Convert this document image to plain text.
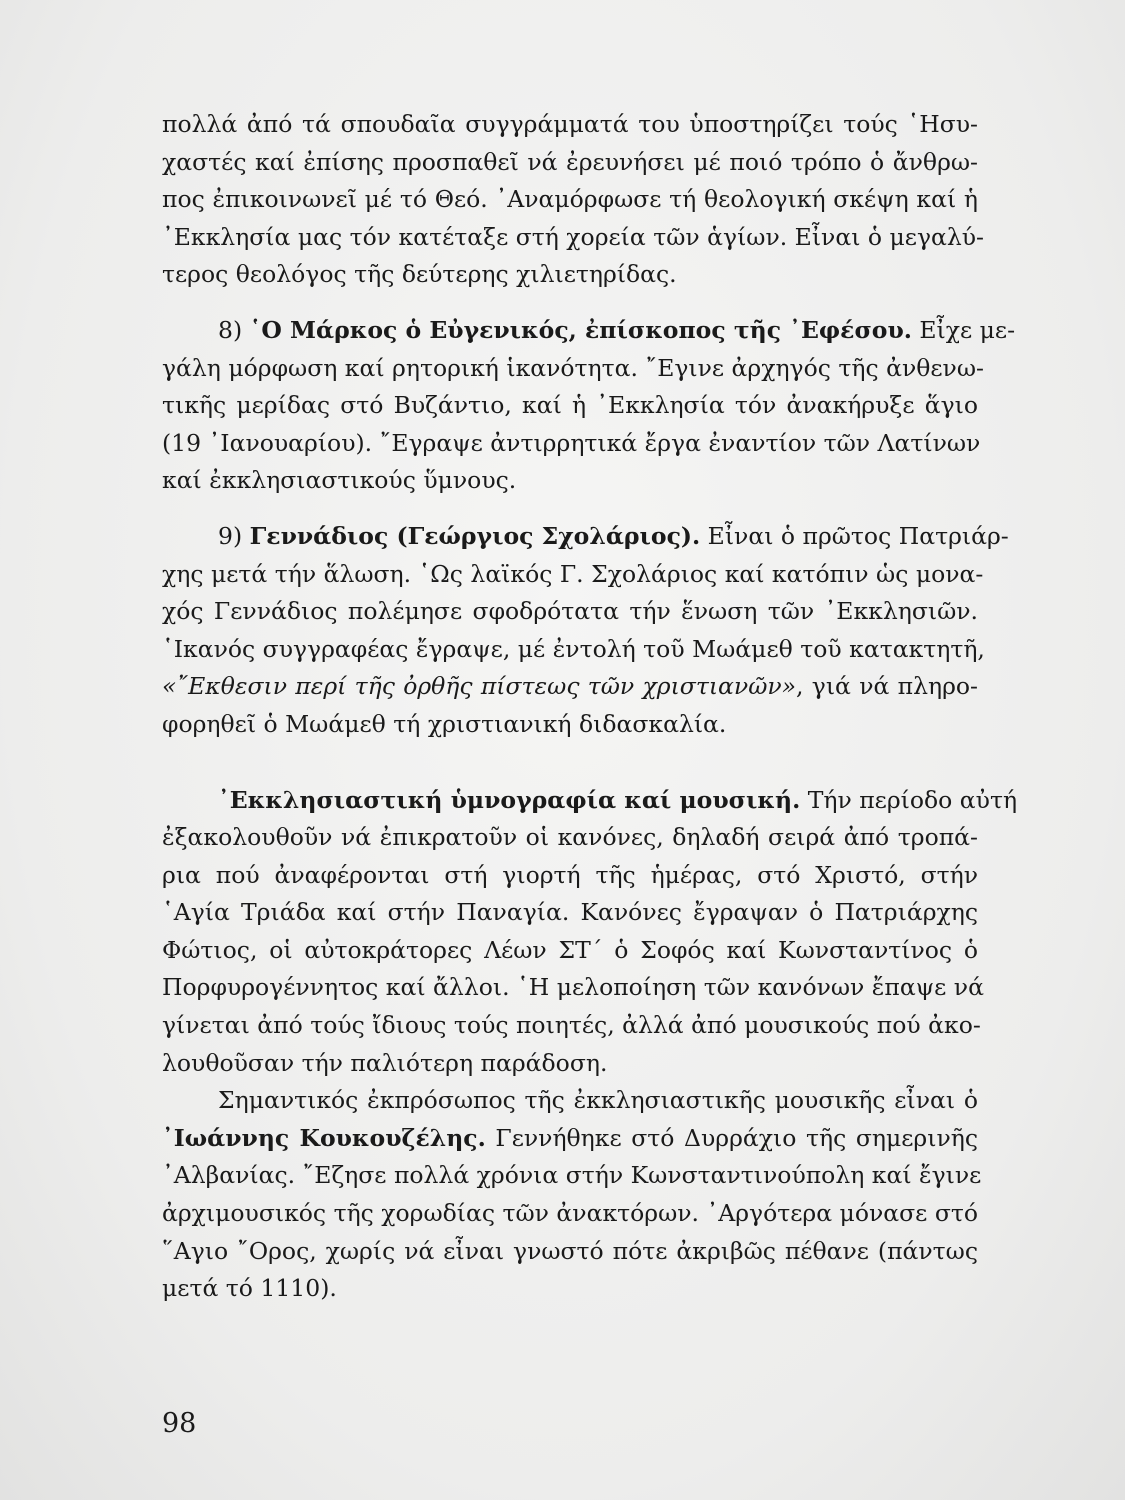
πολλά ἀπό τά σπουδαῖα συγγράμματά του ὑποστηρίζει τούς ῾Ησυ-
χαστές καί ἐπίσης προσπαθεῖ νά ἐρευνήσει μέ ποιό τρόπο ὁ ἄνθρω-
πος ἐπικοινωνεῖ μέ τό Θεό. ᾿Αναμόρφωσε τή θεολογική σκέψη καί ἡ
᾿Εκκλησία μας τόν κατέταξε στή χορεία τῶν ἁγίων. Εἶναι ὁ μεγαλύ-
τερος θεολόγος τῆς δεύτερης χιλιετηρίδας.
8) ῾Ο Μάρκος ὁ Εὐγενικός, ἐπίσκοπος τῆς ᾿Εφέσου. Εἶχε με-
γάλη μόρφωση καί ρητορική ἱκανότητα. ῎Εγινε ἀρχηγός τῆς ἀνθενω-
τικῆς μερίδας στό Βυζάντιο, καί ἡ ᾿Εκκλησία τόν ἀνακήρυξε ἅγιο
(19 ᾿Ιανουαρίου). ῎Εγραψε ἀντιρρητικά ἔργα ἐναντίον τῶν Λατίνων
καί ἐκκλησιαστικούς ὕμνους.
9) Γεννάδιος (Γεώργιος Σχολάριος). Εἶναι ὁ πρῶτος Πατριάρ-
χης μετά τήν ἅλωση. ῾Ως λαϊκός Γ. Σχολάριος καί κατόπιν ὡς μονα-
χός Γεννάδιος πολέμησε σφοδρότατα τήν ἕνωση τῶν ᾿Εκκλησιῶν.
῾Ικανός συγγραφέας ἔγραψε, μέ ἐντολή τοῦ Μωάμεθ τοῦ κατακτητῆ,
«῎Εκθεσιν περί τῆς ὀρθῆς πίστεως τῶν χριστιανῶν», γιά νά πληρο-
φορηθεῖ ὁ Μωάμεθ τή χριστιανική διδασκαλία.
᾿Εκκλησιαστική ὑμνογραφία καί μουσική. Τήν περίοδο αὐτή
ἐξακολουθοῦν νά ἐπικρατοῦν οἱ κανόνες, δηλαδή σειρά ἀπό τροπά-
ρια πού ἀναφέρονται στή γιορτή τῆς ἡμέρας, στό Χριστό, στήν
῾Αγία Τριάδα καί στήν Παναγία. Κανόνες ἔγραψαν ὁ Πατριάρχης
Φώτιος, οἱ αὐτοκράτορες Λέων ΣΤ΄ ὁ Σοφός καί Κωνσταντίνος ὁ
Πορφυρογέννητος καί ἄλλοι. ῾Η μελοποίηση τῶν κανόνων ἔπαψε νά
γίνεται ἀπό τούς ἴδιους τούς ποιητές, ἀλλά ἀπό μουσικούς πού ἀκο-
λουθοῦσαν τήν παλιότερη παράδοση.
Σημαντικός ἐκπρόσωπος τῆς ἐκκλησιαστικῆς μουσικῆς εἶναι ὁ
᾿Ιωάννης Κουκουζέλης. Γεννήθηκε στό Δυρράχιο τῆς σημερινῆς
᾿Αλβανίας. ῎Εζησε πολλά χρόνια στήν Κωνσταντινούπολη καί ἔγινε
ἀρχιμουσικός τῆς χορωδίας τῶν ἀνακτόρων. ᾿Αργότερα μόνασε στό
῞Αγιο ῎Ορος, χωρίς νά εἶναι γνωστό πότε ἀκριβῶς πέθανε (πάντως
μετά τό 1110).
98
